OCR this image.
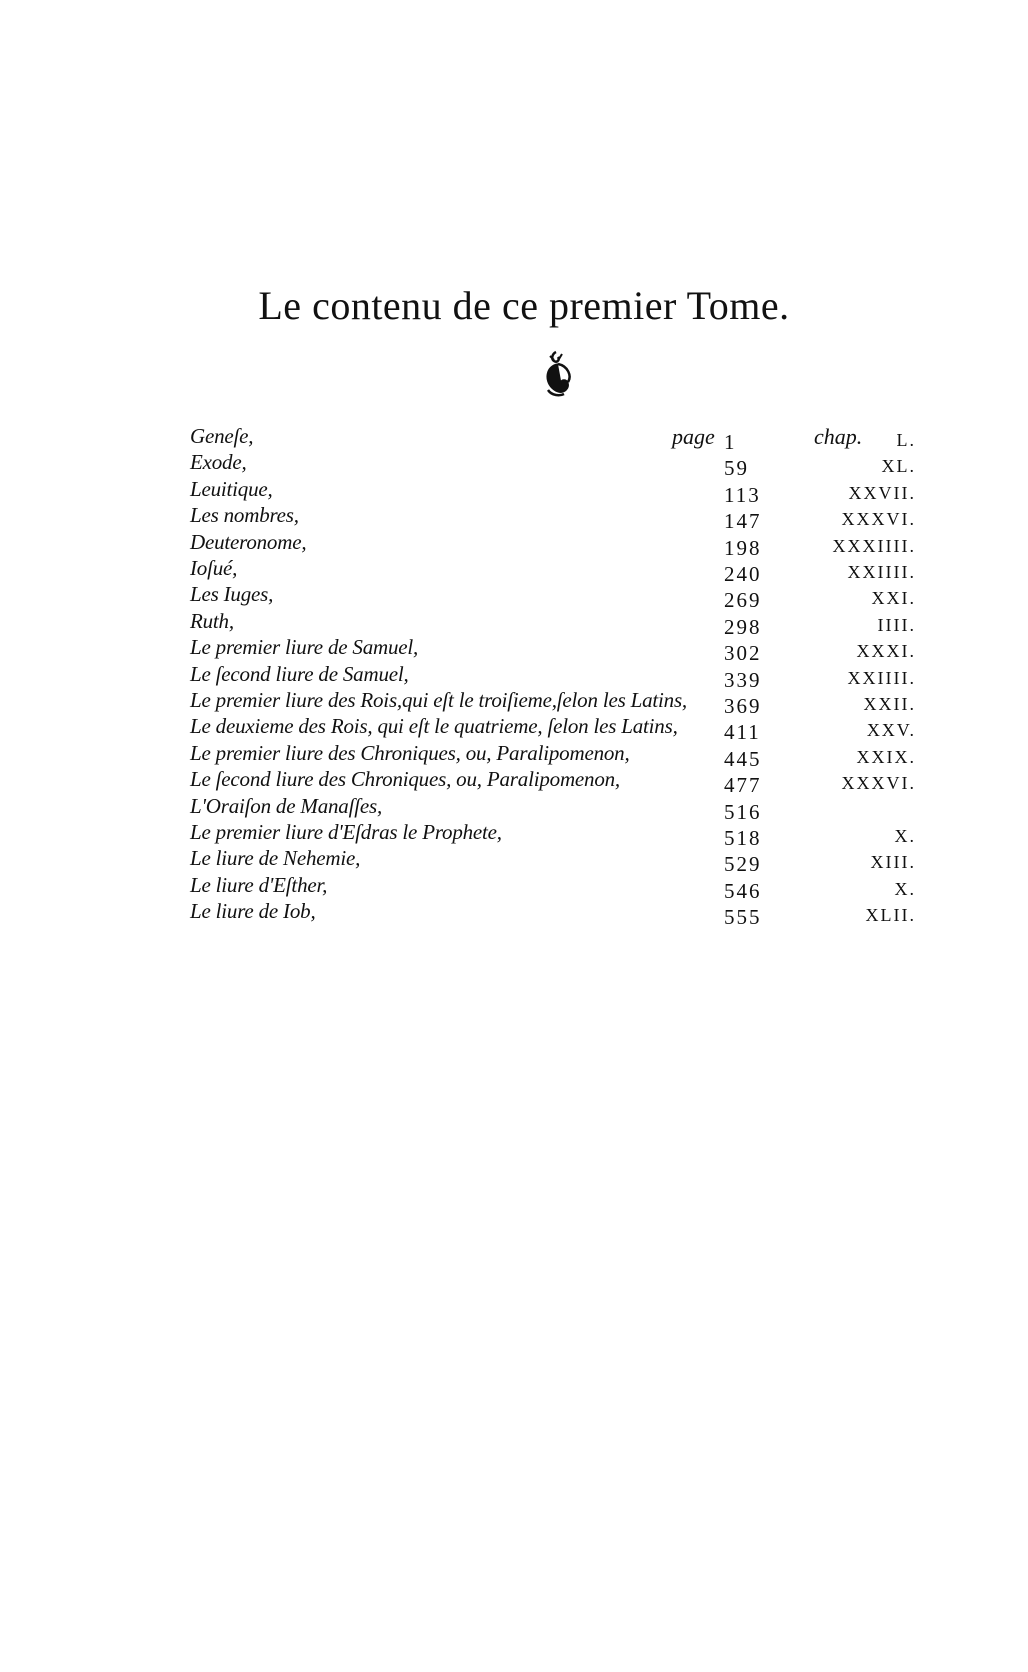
Le contenu de ce premier Tome.
page	chap.
Geneſe,	1	L.
Exode,	59	XL.
Leuitique,	113	XXVII.
Les nombres,	147	XXXVI.
Deuteronome,	198	XXXIIII.
Ioſué,	240	XXIIII.
Les Iuges,	269	XXI.
Ruth,	298	IIII.
Le premier liure de Samuel,	302	XXXI.
Le ſecond liure de Samuel,	339	XXIIII.
Le premier liure des Rois,qui eſt le troiſieme,ſelon les Latins, 369	XXII.
Le deuxieme des Rois, qui eſt le quatrieme, ſelon les Latins, 411	XXV.
Le premier liure des Chroniques, ou, Paralipomenon,	445	XXIX.
Le ſecond liure des Chroniques, ou, Paralipomenon,	477	XXXVI.
L'Oraiſon de Manaſſes,	516
Le premier liure d'Eſdras le Prophete,	518	X.
Le liure de Nehemie,	529	XIII.
Le liure d'Eſther,	546	X.
Le liure de Iob,	555	XLII.
